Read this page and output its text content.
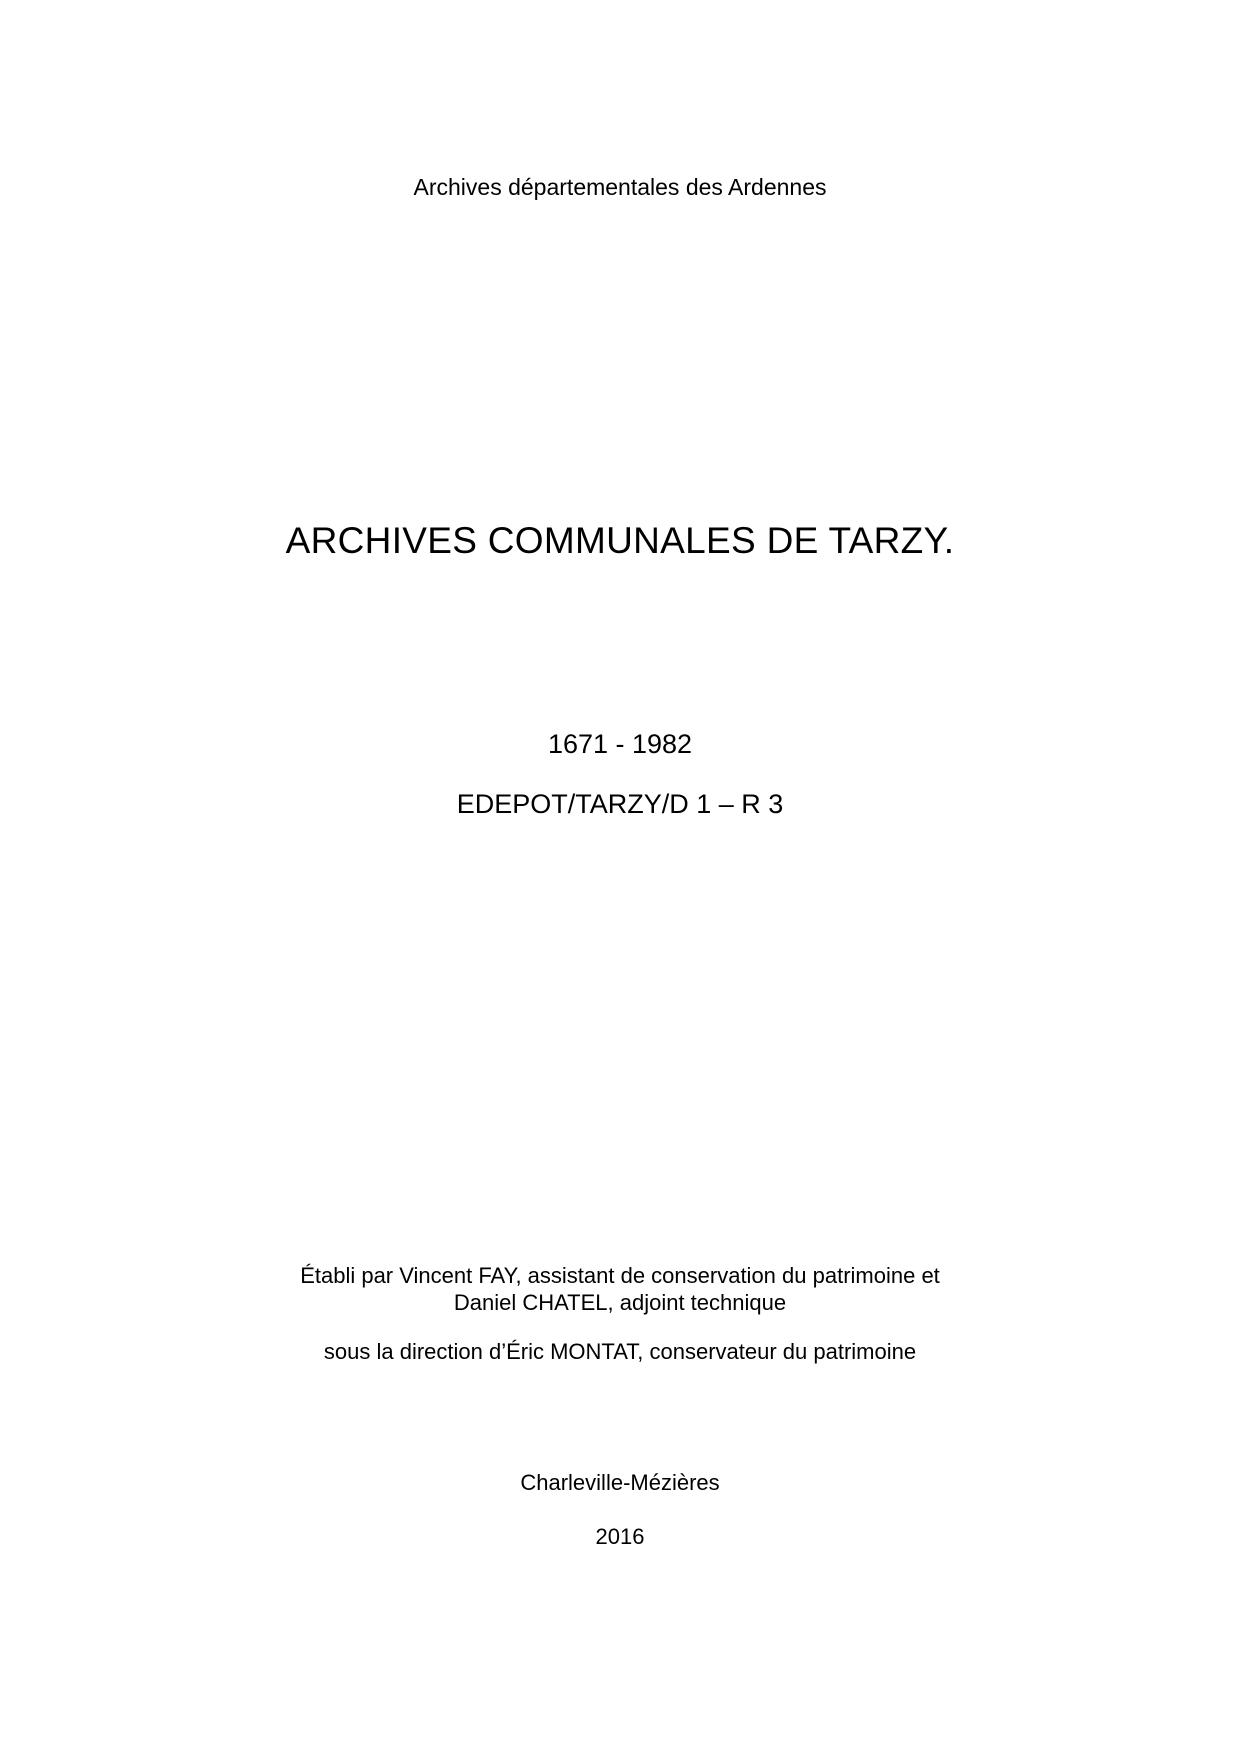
Archives départementales des Ardennes

ARCHIVES COMMUNALES DE TARZY.

1671 - 1982

EDEPOT/TARZY/D 1 – R 3

Établi par Vincent FAY, assistant de conservation du patrimoine et

Daniel CHATEL, adjoint technique

sous la direction d’Éric MONTAT, conservateur du patrimoine

Charleville-Mézières

2016
